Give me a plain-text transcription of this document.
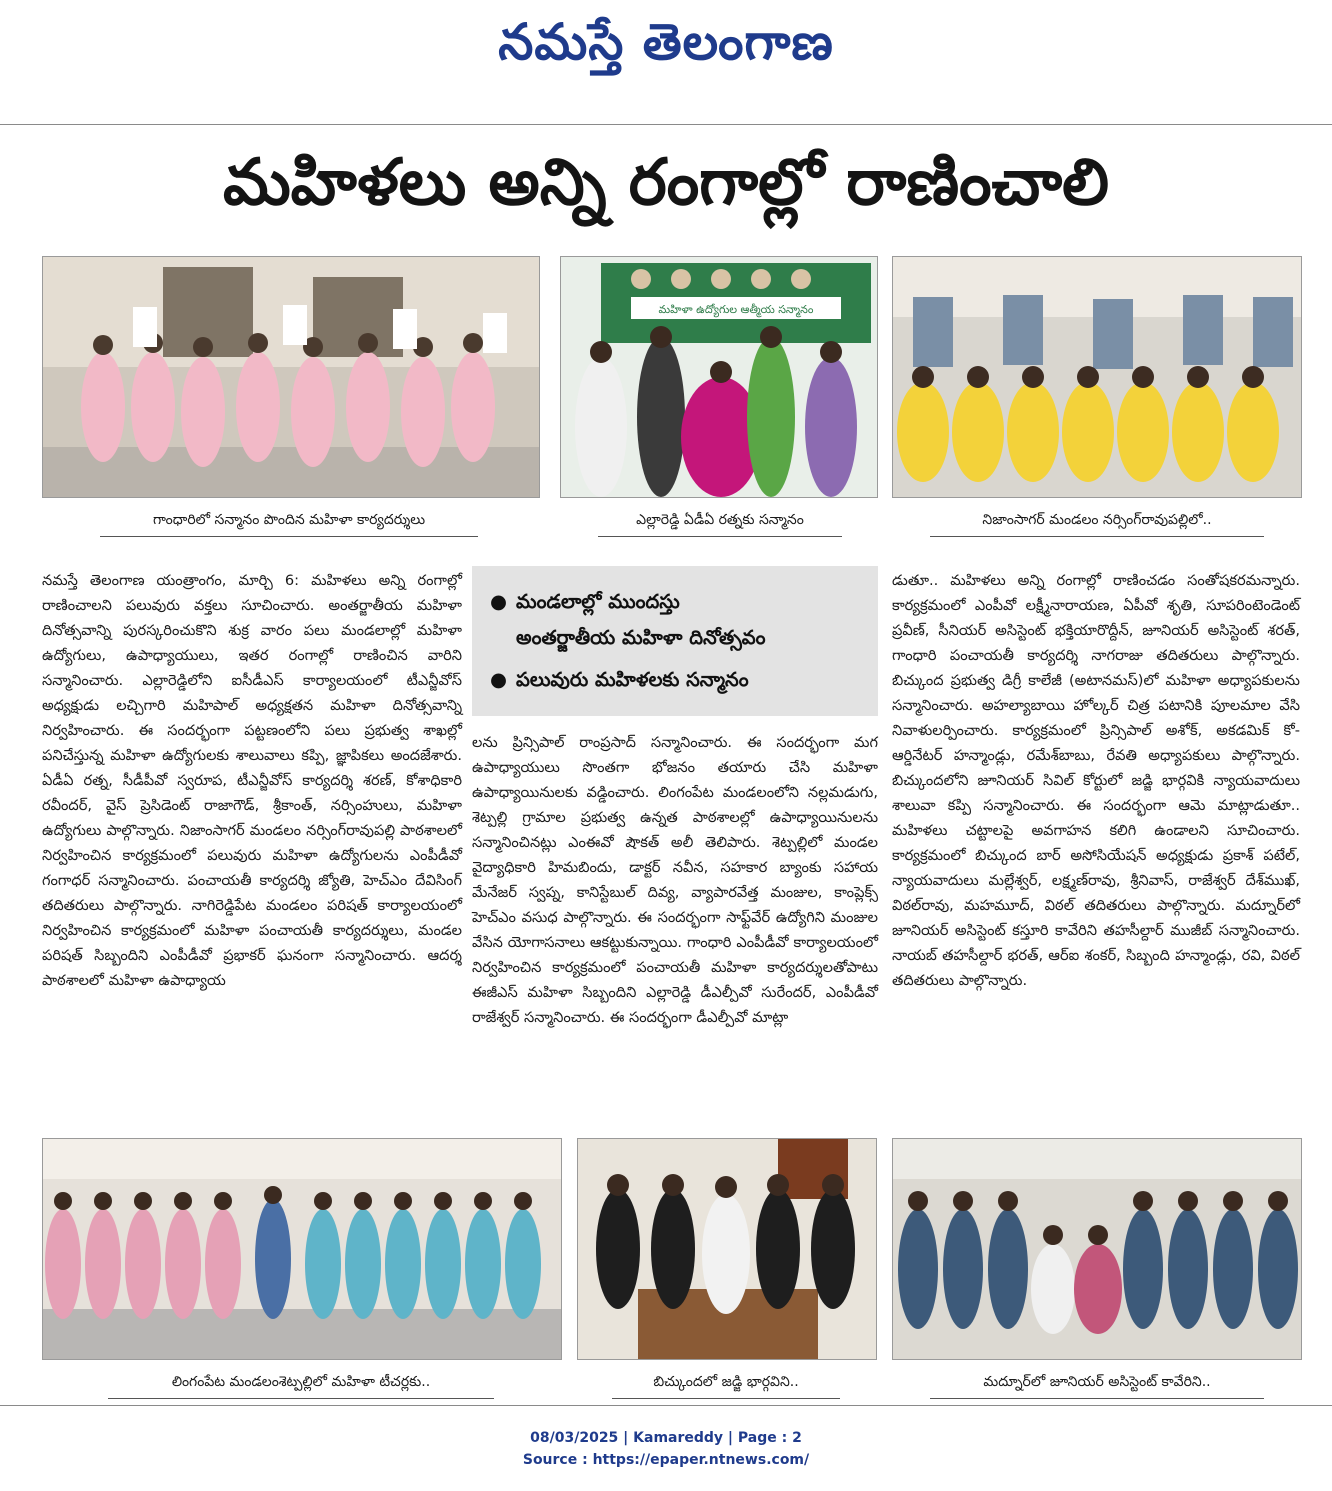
నమస్తే తెలంగాణ
మహిళలు అన్ని రంగాల్లో రాణించాలి
గాంధారిలో సన్మానం పొందిన మహిళా కార్యదర్శులు
మహిళా ఉద్యోగుల ఆత్మీయ సన్మానం
ఎల్లారెడ్డి ఏడీఏ రత్నకు సన్మానం	నిజాంసాగర్ మండలం నర్సింగ్‌రావుపల్లిలో..
నమస్తే తెలంగాణ యంత్రాంగం, మార్చి 6: మహిళలు అన్ని రంగాల్లో రాణించాలని పలువురు వక్తలు సూచించారు. అంతర్జాతీయ మహిళా దినోత్సవాన్ని పురస్కరించుకొని శుక్ర వారం పలు మండలాల్లో మహిళా ఉద్యోగులు, ఉపాధ్యాయులు, ఇతర రంగాల్లో రాణించిన వారిని సన్మానించారు. ఎల్లారెడ్డిలోని ఐసీడీఎస్ కార్యాలయంలో టీఎన్జీవోస్ అధ్యక్షుడు లచ్చిగారి మహిపాల్ అధ్యక్షతన మహిళా దినోత్సవాన్ని నిర్వహించారు. ఈ సందర్భంగా పట్టణంలోని పలు ప్రభుత్వ శాఖల్లో పనిచేస్తున్న మహిళా ఉద్యోగులకు శాలువాలు కప్పి, జ్ఞాపికలు అందజేశారు. ఏడీఏ రత్న, సీడీపీవో స్వరూప, టీఎన్జీవోస్ కార్యదర్శి శరణ్, కోశాధికారి రవీందర్, వైస్ ప్రెసిడెంట్ రాజాగౌడ్, శ్రీకాంత్, నర్సింహులు, మహిళా ఉద్యోగులు పాల్గొన్నారు. నిజాంసాగర్ మండలం నర్సింగ్‌రావుపల్లి పాఠశాలలో నిర్వహించిన కార్యక్రమంలో పలువురు మహిళా ఉద్యోగులను ఎంపీడీవో గంగాధర్ సన్మానించారు. పంచాయతీ కార్యదర్శి జ్యోతి, హెచ్ఎం దేవిసింగ్ తదితరులు పాల్గొన్నారు. నాగిరెడ్డిపేట మండలం పరిషత్ కార్యాలయంలో నిర్వహించిన కార్యక్రమంలో మహిళా పంచాయతీ కార్యదర్శులు, మండల పరిషత్ సిబ్బందిని ఎంపీడీవో ప్రభాకర్ ఘనంగా సన్మానించారు. ఆదర్శ పాఠశాలలో మహిళా ఉపాధ్యాయ
● మండలాల్లో ముందస్తు
అంతర్జాతీయ మహిళా దినోత్సవం
● పలువురు మహిళలకు సన్మానం
లను ప్రిన్సిపాల్ రాంప్రసాద్ సన్మానించారు. ఈ సందర్భంగా మగ ఉపాధ్యాయులు సొంతగా భోజనం తయారు చేసి మహిళా ఉపాధ్యాయినులకు వడ్డించారు. లింగంపేట మండలంలోని నల్లమడుగు, శెట్పల్లి గ్రామాల ప్రభుత్వ ఉన్నత పాఠశాలల్లో ఉపాధ్యాయినులను సన్మానించినట్లు ఎంఈవో షౌకత్ అలీ తెలిపారు. శెట్పల్లిలో మండల వైద్యాధికారి హిమబిందు, డాక్టర్ నవీన, సహకార బ్యాంకు సహాయ మేనేజర్ స్వప్న, కానిస్టేబుల్ దివ్య, వ్యాపారవేత్త మంజుల, కాంప్లెక్స్ హెచ్ఎం వసుధ పాల్గొన్నారు. ఈ సందర్భంగా సాఫ్ట్‌వేర్ ఉద్యోగిని మంజుల వేసిన యోగాసనాలు ఆకట్టుకున్నాయి. గాంధారి ఎంపీడీవో కార్యాలయంలో నిర్వహించిన కార్యక్రమంలో పంచాయతీ మహిళా కార్యదర్శులతోపాటు ఈజీఎస్ మహిళా సిబ్బందిని ఎల్లారెడ్డి డీఎల్పీవో సురేందర్, ఎంపీడీవో రాజేశ్వర్ సన్మానించారు. ఈ సందర్భంగా డీఎల్పీవో మాట్లా
డుతూ.. మహిళలు అన్ని రంగాల్లో రాణించడం సంతోషకరమన్నారు. కార్యక్రమంలో ఎంపీవో లక్ష్మీనారాయణ, ఏపీవో శృతి, సూపరింటెండెంట్ ప్రవీణ్, సీనియర్ అసిస్టెంట్ భక్తియారొద్దీన్, జూనియర్ అసిస్టెంట్ శరత్, గాంధారి పంచాయతీ కార్యదర్శి నాగరాజు తదితరులు పాల్గొన్నారు. బిచ్కుంద ప్రభుత్వ డిగ్రీ కాలేజీ (అటానమస్)లో మహిళా అధ్యాపకులను సన్మానించారు. అహల్యాబాయి హోల్కర్ చిత్ర పటానికి పూలమాల వేసి నివాళులర్పించారు. కార్యక్రమంలో ప్రిన్సిపాల్ అశోక్, అకడమిక్ కో-ఆర్డినేటర్ హన్మాండ్లు, రమేశ్‌బాబు, రేవతి అధ్యాపకులు పాల్గొన్నారు. బిచ్కుందలోని జూనియర్ సివిల్ కోర్టులో జడ్జి భార్గవికి న్యాయవాదులు శాలువా కప్పి సన్మానించారు. ఈ సందర్భంగా ఆమె మాట్లాడుతూ.. మహిళలు చట్టాలపై అవగాహన కలిగి ఉండాలని సూచించారు. కార్యక్రమంలో బిచ్కుంద బార్ అసోసియేషన్ అధ్యక్షుడు ప్రకాశ్ పటేల్, న్యాయవాదులు మల్లేశ్వర్, లక్ష్మణ్‌రావు, శ్రీనివాస్, రాజేశ్వర్ దేశ్‌ముఖ్, విఠల్‌రావు, మహమూద్, విఠల్ తదితరులు పాల్గొన్నారు. మద్నూర్‌లో జూనియర్ అసిస్టెంట్ కస్తూరి కావేరిని తహసీల్దార్ ముజీబ్ సన్మానించారు. నాయబ్ తహసీల్దార్ భరత్, ఆర్ఐ శంకర్, సిబ్బంది హన్మాండ్లు, రవి, విఠల్ తదితరులు పాల్గొన్నారు.
లింగంపేట మండలంశెట్పల్లిలో మహిళా టీచర్లకు..	బిచ్కుందలో జడ్జి భార్గవిని..	మద్నూర్‌లో జూనియర్ అసిస్టెంట్ కావేరిని..
08/03/2025 | Kamareddy | Page : 2
Source : https://epaper.ntnews.com/
